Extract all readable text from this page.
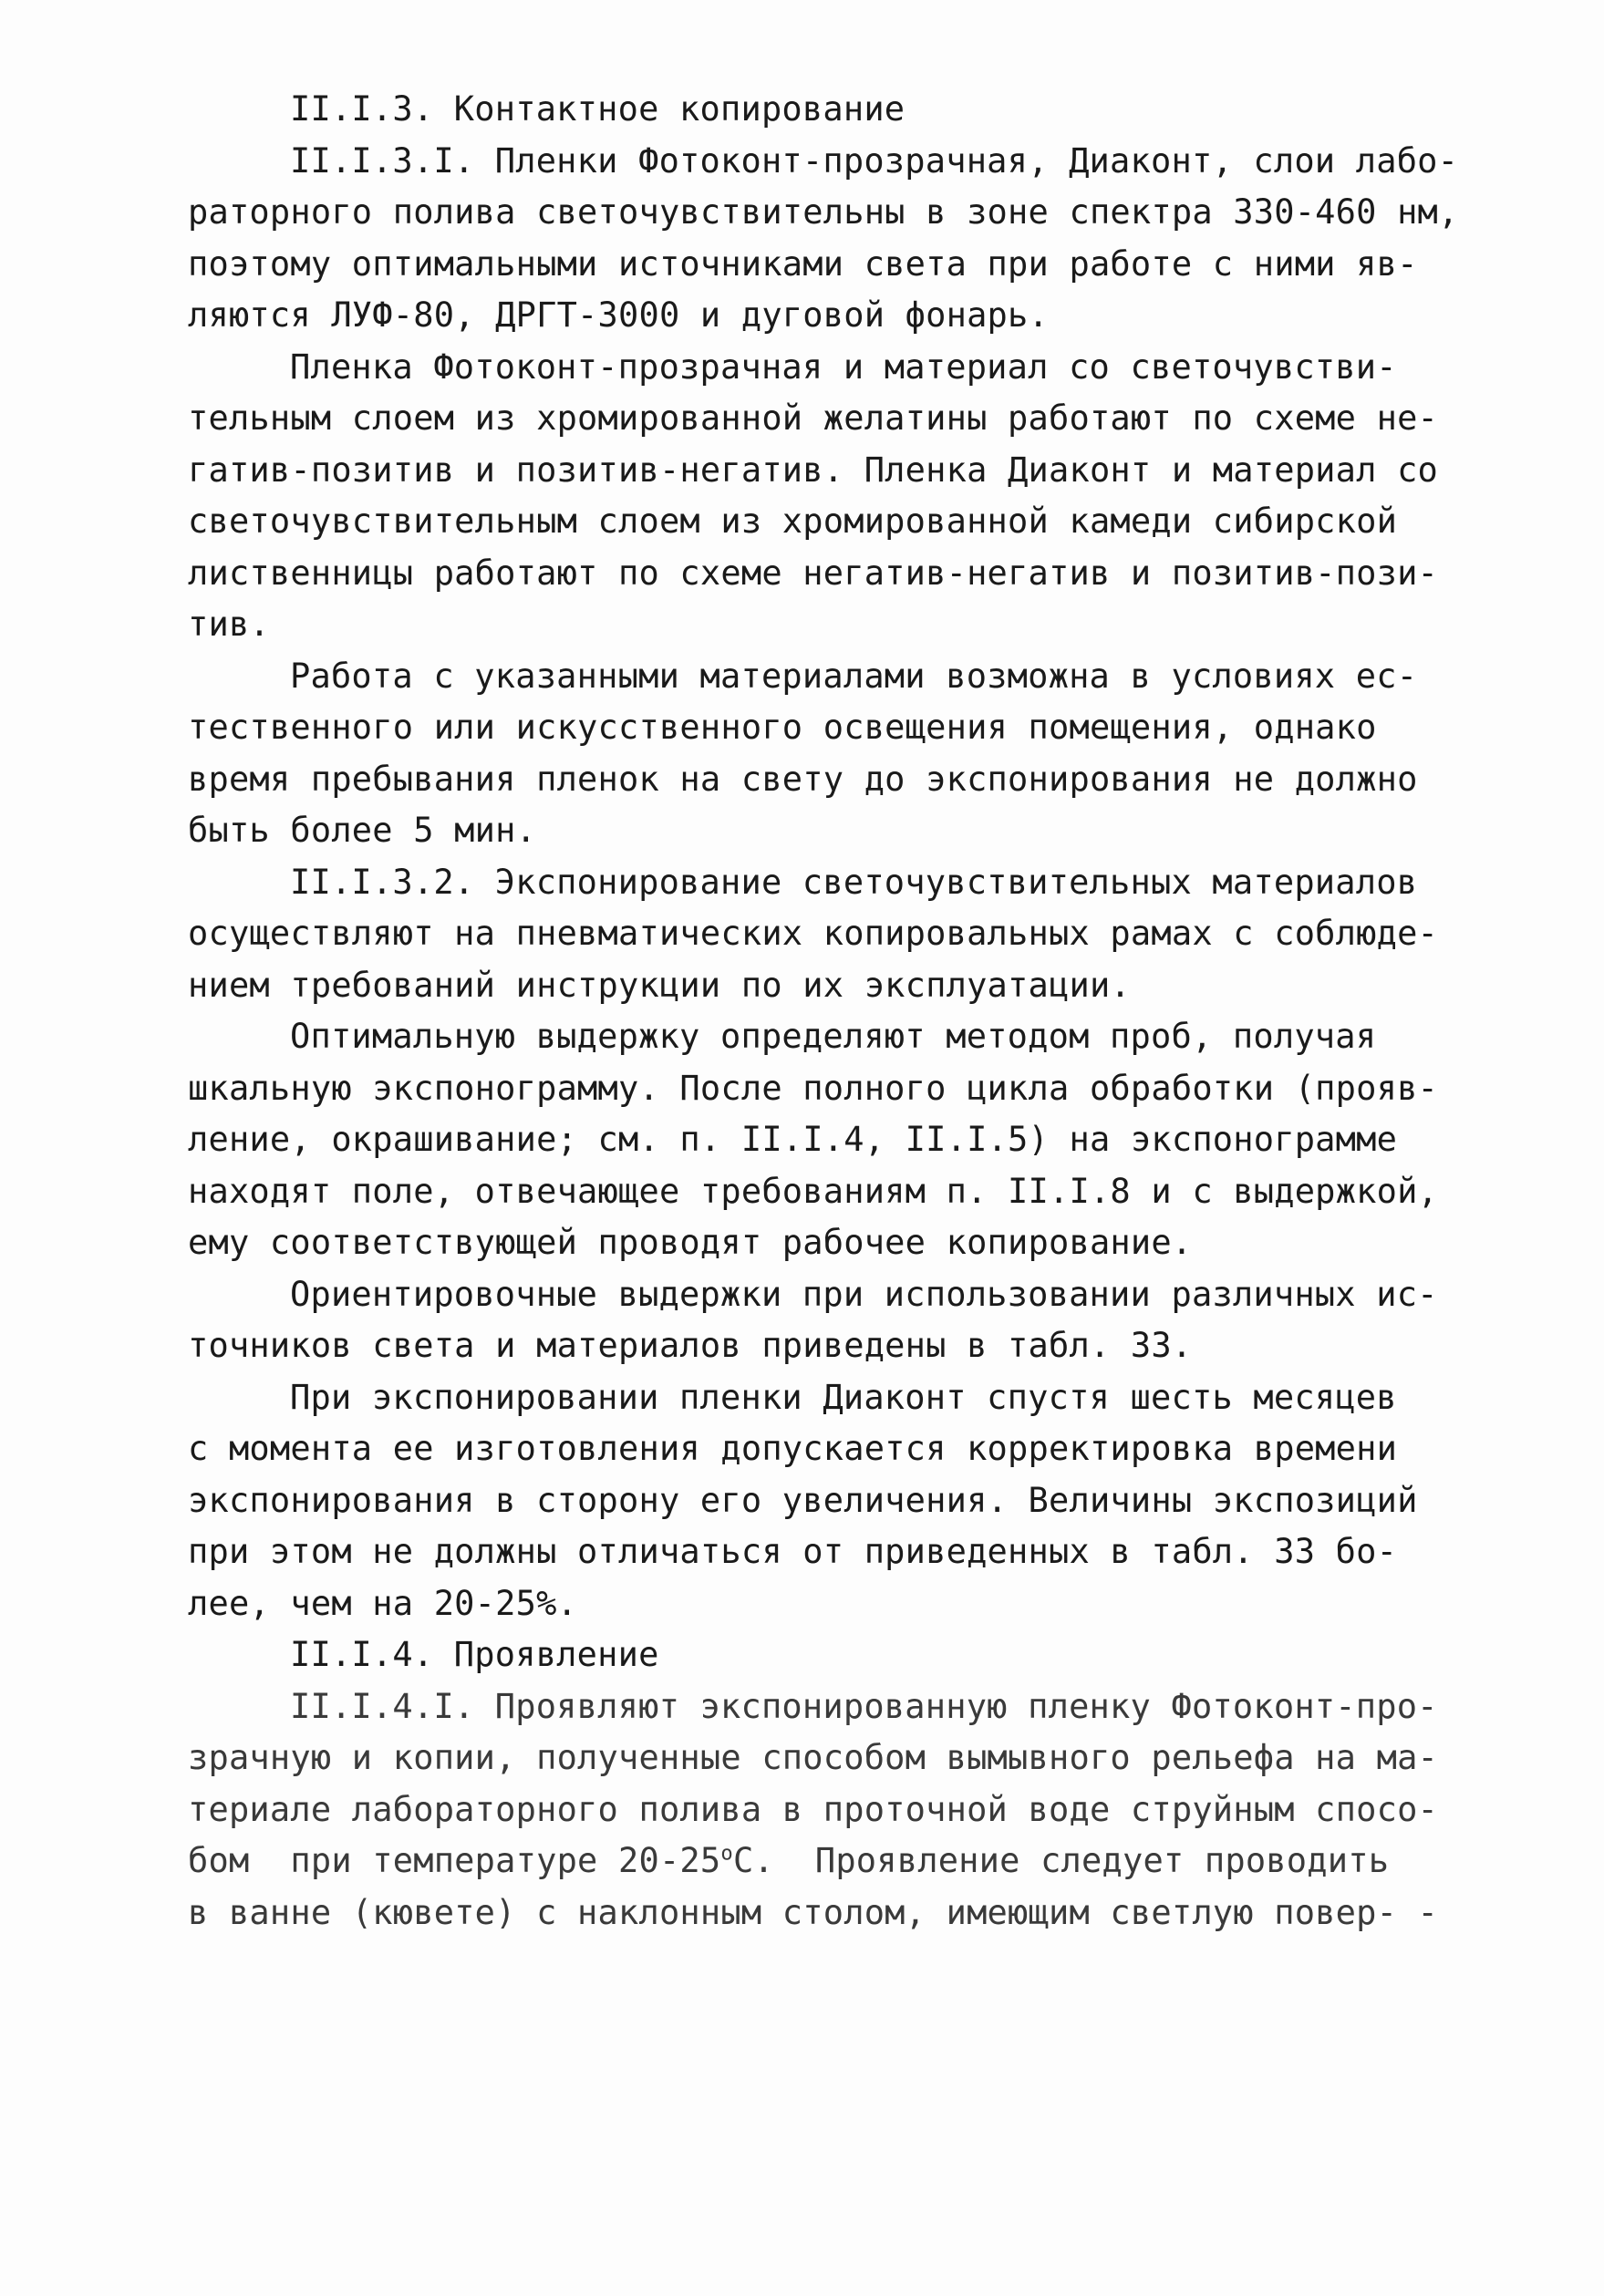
II.I.3. Контактное копирование
II.I.3.I. Пленки Фотоконт-прозрачная, Диаконт, слои лабо-
раторного полива светочувствительны в зоне спектра 330-460 нм,
поэтому оптимальными источниками света при работе с ними яв-
ляются ЛУФ-80, ДРГТ-3000 и дуговой фонарь.
Пленка Фотоконт-прозрачная и материал со светочувстви-
тельным слоем из хромированной желатины работают по схеме не-
гатив-позитив и позитив-негатив. Пленка Диаконт и материал со
светочувствительным слоем из хромированной камеди сибирской
лиственницы работают по схеме негатив-негатив и позитив-пози-
тив.
Работа с указанными материалами возможна в условиях ес-
тественного или искусственного освещения помещения, однако
время пребывания пленок на свету до экспонирования не должно
быть более 5 мин.
II.I.3.2. Экспонирование светочувствительных материалов
осуществляют на пневматических копировальных рамах с соблюде-
нием требований инструкции по их эксплуатации.
Оптимальную выдержку определяют методом проб, получая
шкальную экспонограмму. После полного цикла обработки (прояв-
ление, окрашивание; см. п. II.I.4, II.I.5) на экспонограмме
находят поле, отвечающее требованиям п. II.I.8 и с выдержкой,
ему соответствующей проводят рабочее копирование.
Ориентировочные выдержки при использовании различных ис-
точников света и материалов приведены в табл. 33.
При экспонировании пленки Диаконт спустя шесть месяцев
с момента ее изготовления допускается корректировка времени
экспонирования в сторону его увеличения. Величины экспозиций
при этом не должны отличаться от приведенных в табл. 33 бо-
лее, чем на 20-25%.
II.I.4. Проявление
II.I.4.I. Проявляют экспонированную пленку Фотоконт-про-
зрачную и копии, полученные способом вымывного рельефа на ма-
териале лабораторного полива в проточной воде струйным спосо-
бом  при температуре 20-25$^o$С.  Проявление следует проводить
в ванне (кювете) с наклонным столом, имеющим светлую повер- -
